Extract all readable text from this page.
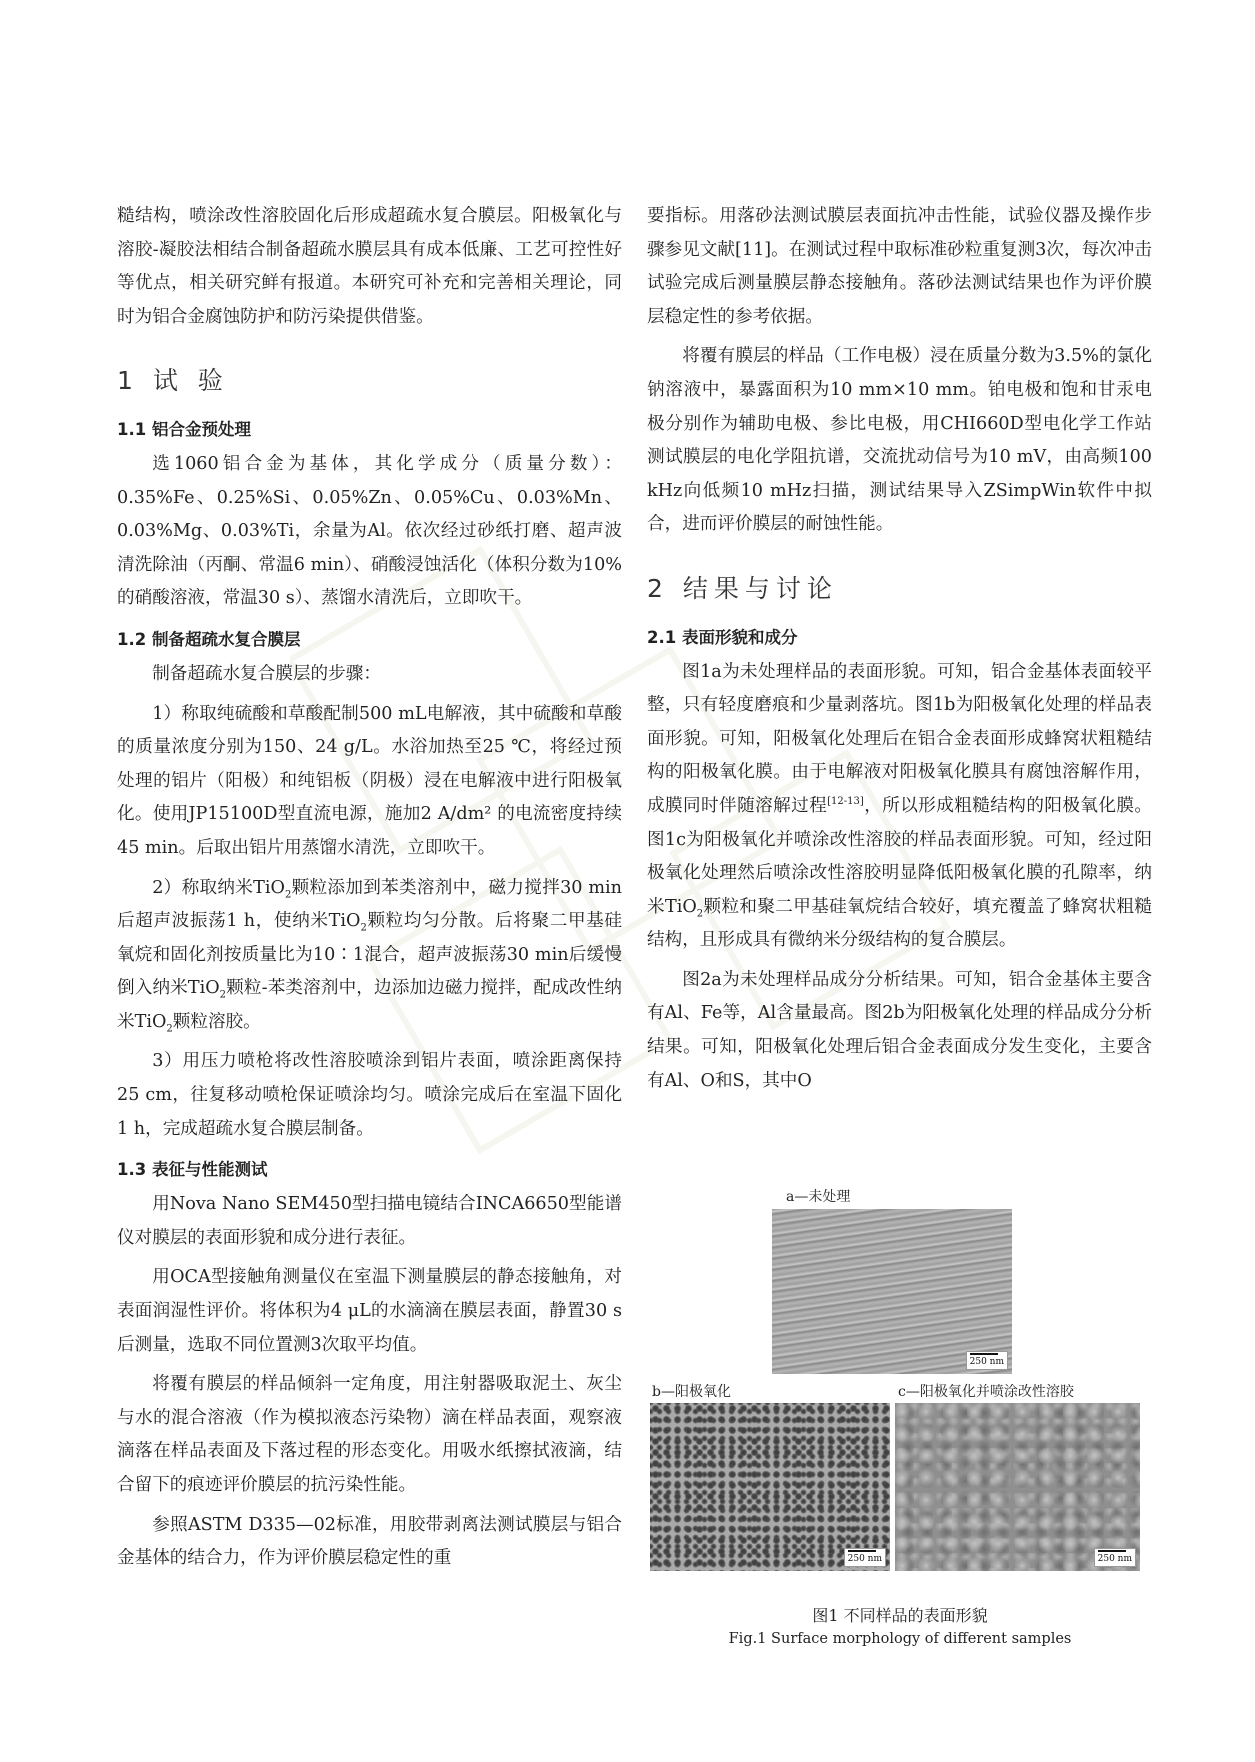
糙结构，喷涂改性溶胶固化后形成超疏水复合膜层。阳极氧化与溶胶-凝胶法相结合制备超疏水膜层具有成本低廉、工艺可控性好等优点，相关研究鲜有报道。本研究可补充和完善相关理论，同时为铝合金腐蚀防护和防污染提供借鉴。

1 试 验
1.1 铝合金预处理

选1060铝合金为基体，其化学成分（质量分数）：0.35%Fe、0.25%Si、0.05%Zn、0.05%Cu、0.03%Mn、0.03%Mg、0.03%Ti，余量为Al。依次经过砂纸打磨、超声波清洗除油（丙酮、常温6 min）、硝酸浸蚀活化（体积分数为10%的硝酸溶液，常温30 s）、蒸馏水清洗后，立即吹干。

1.2 制备超疏水复合膜层

制备超疏水复合膜层的步骤：

1）称取纯硫酸和草酸配制500 mL电解液，其中硫酸和草酸的质量浓度分别为150、24 g/L。水浴加热至25 ℃，将经过预处理的铝片（阳极）和纯铝板（阴极）浸在电解液中进行阳极氧化。使用JP15100D型直流电源，施加2 A/dm² 的电流密度持续45 min。后取出铝片用蒸馏水清洗，立即吹干。

2）称取纳米TiO$_2$颗粒添加到苯类溶剂中，磁力搅拌30 min后超声波振荡1 h，使纳米TiO$_2$颗粒均匀分散。后将聚二甲基硅氧烷和固化剂按质量比为10∶1混合，超声波振荡30 min后缓慢倒入纳米TiO$_2$颗粒-苯类溶剂中，边添加边磁力搅拌，配成改性纳米TiO$_2$颗粒溶胶。

3）用压力喷枪将改性溶胶喷涂到铝片表面，喷涂距离保持25 cm，往复移动喷枪保证喷涂均匀。喷涂完成后在室温下固化1 h，完成超疏水复合膜层制备。

1.3 表征与性能测试

用Nova Nano SEM450型扫描电镜结合INCA6650型能谱仪对膜层的表面形貌和成分进行表征。

用OCA型接触角测量仪在室温下测量膜层的静态接触角，对表面润湿性评价。将体积为4 μL的水滴滴在膜层表面，静置30 s后测量，选取不同位置测3次取平均值。

将覆有膜层的样品倾斜一定角度，用注射器吸取泥土、灰尘与水的混合溶液（作为模拟液态污染物）滴在样品表面，观察液滴落在样品表面及下落过程的形态变化。用吸水纸擦拭液滴，结合留下的痕迹评价膜层的抗污染性能。

参照ASTM D335—02标准，用胶带剥离法测试膜层与铝合金基体的结合力，作为评价膜层稳定性的重

要指标。用落砂法测试膜层表面抗冲击性能，试验仪器及操作步骤参见文献[11]。在测试过程中取标准砂粒重复测3次，每次冲击试验完成后测量膜层静态接触角。落砂法测试结果也作为评价膜层稳定性的参考依据。

将覆有膜层的样品（工作电极）浸在质量分数为3.5%的氯化钠溶液中，暴露面积为10 mm×10 mm。铂电极和饱和甘汞电极分别作为辅助电极、参比电极，用CHI660D型电化学工作站测试膜层的电化学阻抗谱，交流扰动信号为10 mV，由高频100 kHz向低频10 mHz扫描，测试结果导入ZSimpWin软件中拟合，进而评价膜层的耐蚀性能。

2 结果与讨论
2.1 表面形貌和成分

图1a为未处理样品的表面形貌。可知，铝合金基体表面较平整，只有轻度磨痕和少量剥落坑。图1b为阳极氧化处理的样品表面形貌。可知，阳极氧化处理后在铝合金表面形成蜂窝状粗糙结构的阳极氧化膜。由于电解液对阳极氧化膜具有腐蚀溶解作用，成膜同时伴随溶解过程[12-13]，所以形成粗糙结构的阳极氧化膜。图1c为阳极氧化并喷涂改性溶胶的样品表面形貌。可知，经过阳极氧化处理然后喷涂改性溶胶明显降低阳极氧化膜的孔隙率，纳米TiO$_2$颗粒和聚二甲基硅氧烷结合较好，填充覆盖了蜂窝状粗糙结构，且形成具有微纳米分级结构的复合膜层。

图2a为未处理样品成分分析结果。可知，铝合金基体主要含有Al、Fe等，Al含量最高。图2b为阳极氧化处理的样品成分分析结果。可知，阳极氧化处理后铝合金表面成分发生变化，主要含有Al、O和S，其中O

a—未处理
250 nm
b—阳极氧化
250 nm
c—阳极氧化并喷涂改性溶胶
250 nm
图1 不同样品的表面形貌
Fig.1 Surface morphology of different samples
